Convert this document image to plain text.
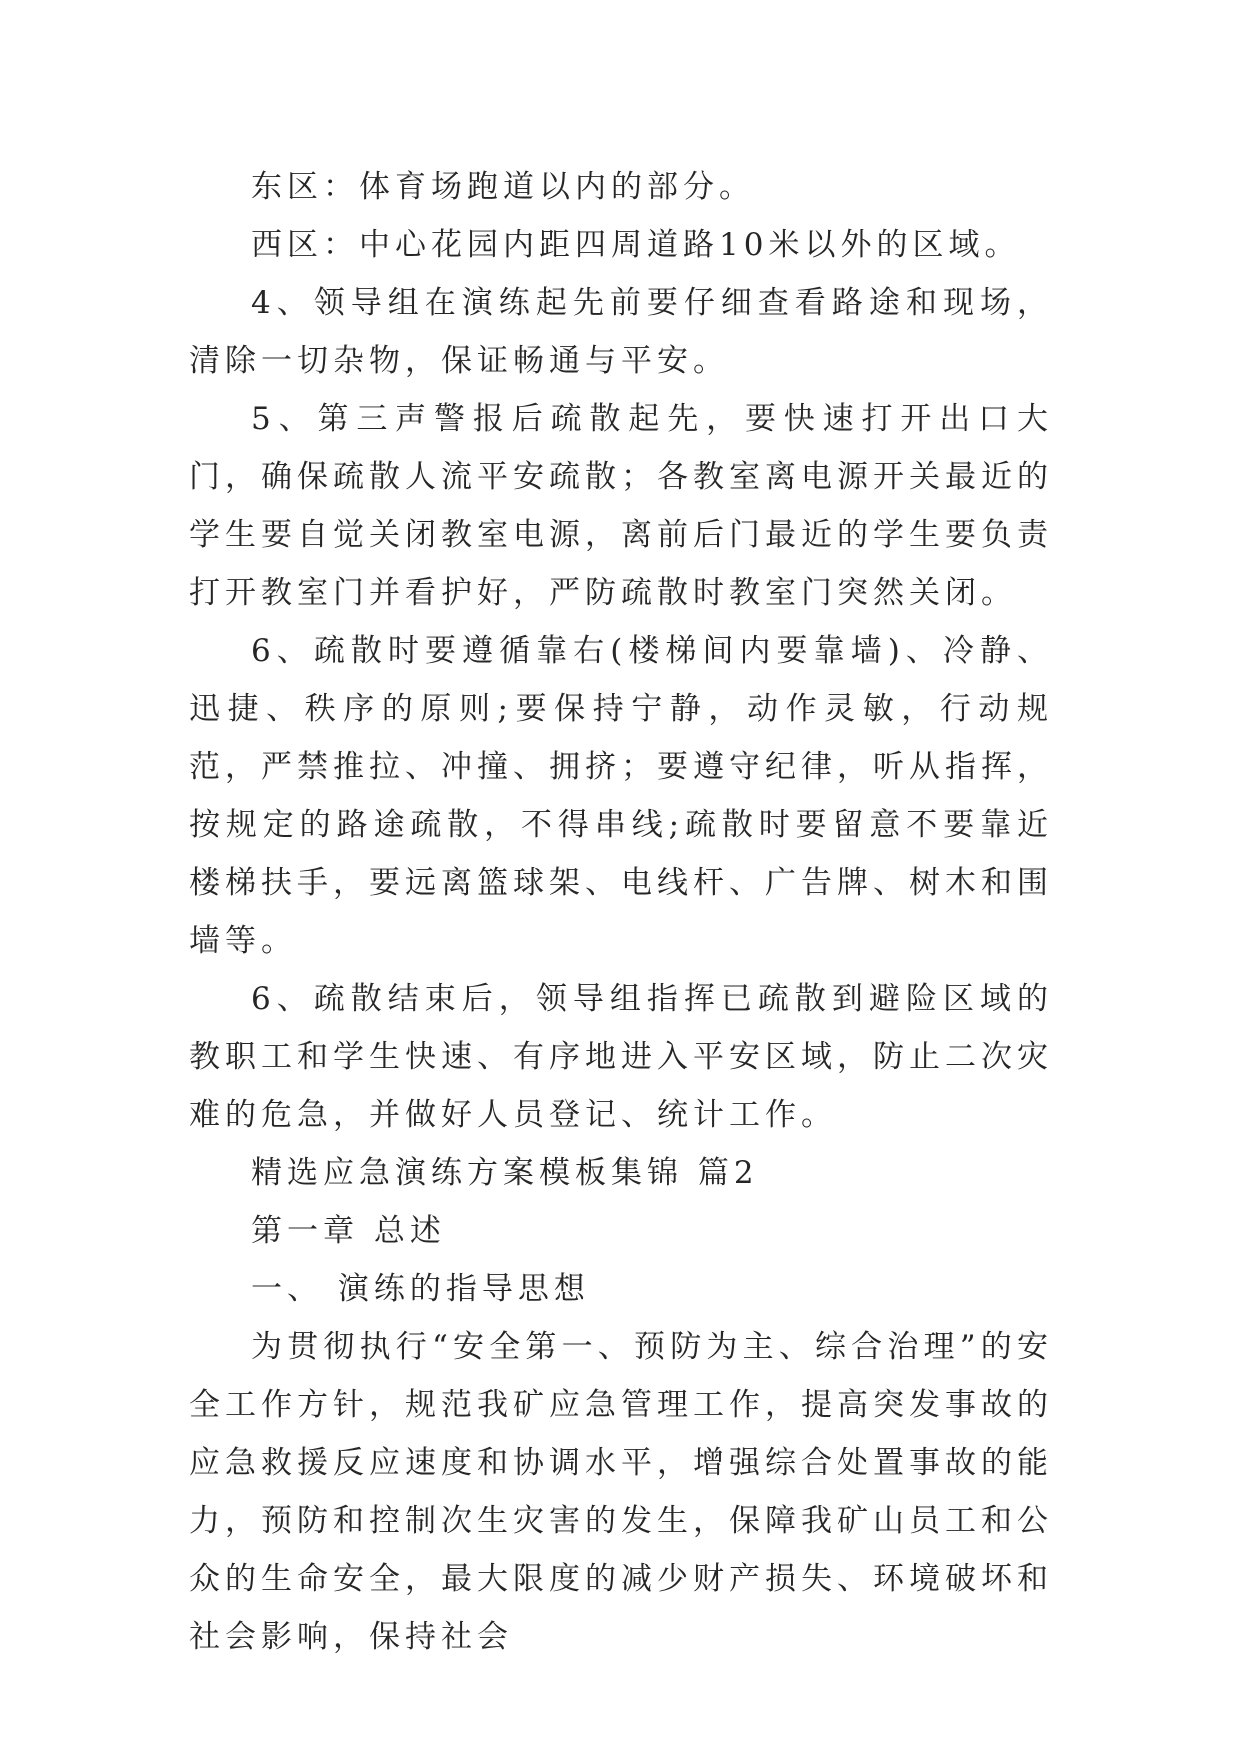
东区：体育场跑道以内的部分。

西区：中心花园内距四周道路10米以外的区域。

4、领导组在演练起先前要仔细查看路途和现场，清除一切杂物，保证畅通与平安。

5、第三声警报后疏散起先，要快速打开出口大门，确保疏散人流平安疏散；各教室离电源开关最近的学生要自觉关闭教室电源，离前后门最近的学生要负责打开教室门并看护好，严防疏散时教室门突然关闭。

6、疏散时要遵循靠右(楼梯间内要靠墙)、冷静、迅捷、秩序的原则;要保持宁静，动作灵敏，行动规范，严禁推拉、冲撞、拥挤；要遵守纪律，听从指挥，按规定的路途疏散，不得串线;疏散时要留意不要靠近楼梯扶手，要远离篮球架、电线杆、广告牌、树木和围墙等。

6、疏散结束后，领导组指挥已疏散到避险区域的教职工和学生快速、有序地进入平安区域，防止二次灾难的危急，并做好人员登记、统计工作。

精选应急演练方案模板集锦 篇2

第一章 总述

一、 演练的指导思想

为贯彻执行“安全第一、预防为主、综合治理”的安全工作方针，规范我矿应急管理工作，提高突发事故的应急救援反应速度和协调水平，增强综合处置事故的能力，预防和控制次生灾害的发生，保障我矿山员工和公众的生命安全，最大限度的减少财产损失、环境破坏和社会影响，保持社会
